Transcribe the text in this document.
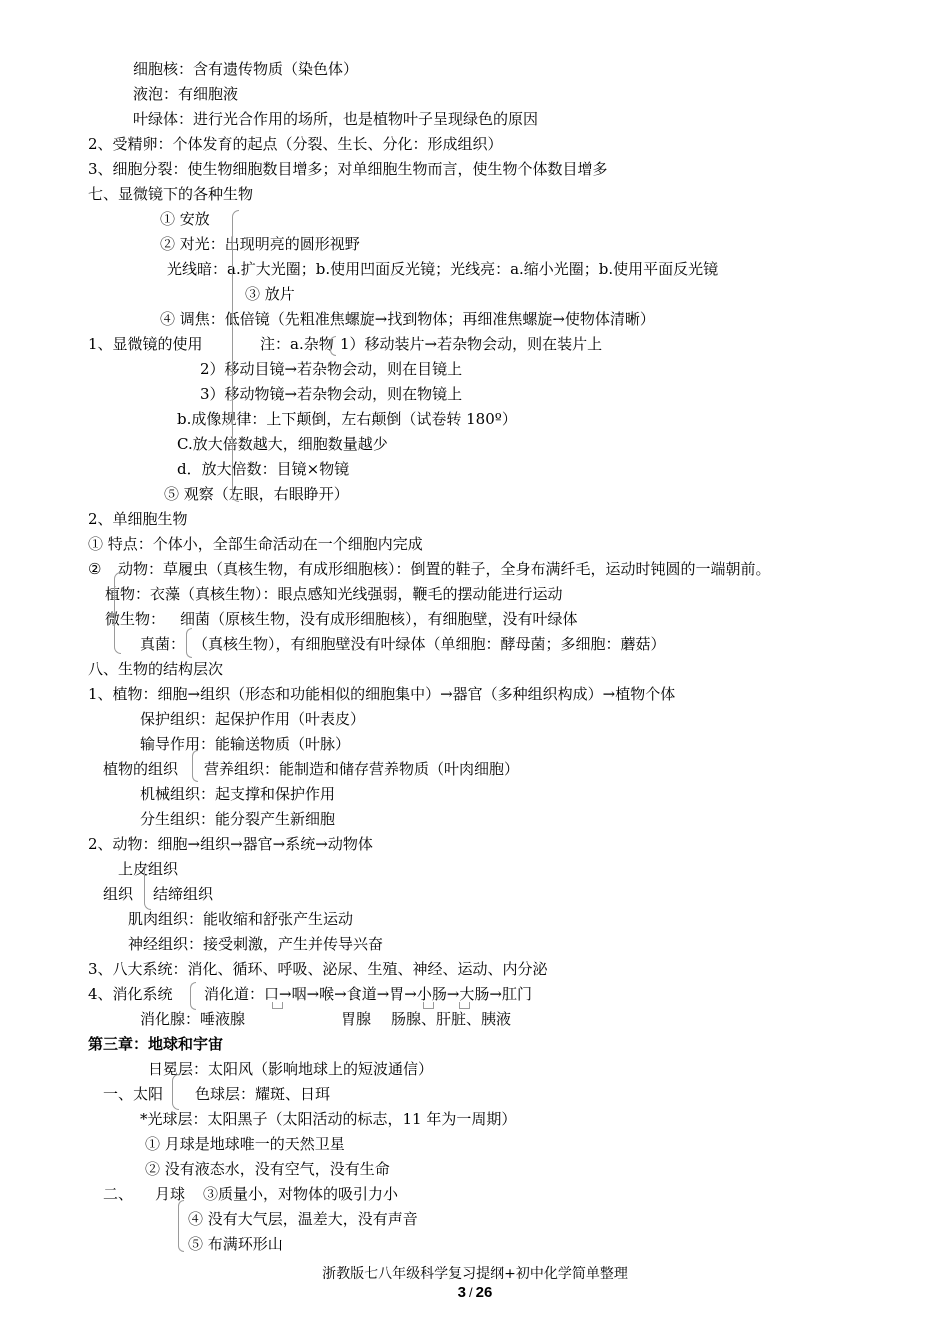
细胞核：含有遗传物质（染色体）
液泡：有细胞液
叶绿体：进行光合作用的场所，也是植物叶子呈现绿色的原因
2、受精卵：个体发育的起点（分裂、生长、分化：形成组织）
3、细胞分裂：使生物细胞数目增多；对单细胞生物而言，使生物个体数目增多
七、显微镜下的各种生物
① 安放
② 对光：出现明亮的圆形视野
光线暗：a.扩大光圈；b.使用凹面反光镜；光线亮：a.缩小光圈；b.使用平面反光镜
③ 放片
④ 调焦：低倍镜（先粗准焦螺旋→找到物体；再细准焦螺旋→使物体清晰）
1、显微镜的使用	注：a.杂物 1）移动装片→若杂物会动，则在装片上
2）移动目镜→若杂物会动，则在目镜上
3）移动物镜→若杂物会动，则在物镜上
b.成像规律：上下颠倒，左右颠倒（试卷转 180º）
C.放大倍数越大，细胞数量越少
d．放大倍数：目镜×物镜
⑤ 观察（左眼，右眼睁开）
2、单细胞生物
① 特点：个体小，全部生命活动在一个细胞内完成
② 动物：草履虫（真核生物，有成形细胞核）：倒置的鞋子，全身布满纤毛，运动时钝圆的一端朝前。
植物：衣藻（真核生物）：眼点感知光线强弱，鞭毛的摆动能进行运动
微生物： 细菌（原核生物，没有成形细胞核），有细胞壁，没有叶绿体
真菌： （真核生物），有细胞壁没有叶绿体（单细胞：酵母菌；多细胞：蘑菇）
八、生物的结构层次
1、植物：细胞→组织（形态和功能相似的细胞集中）→器官（多种组织构成）→植物个体
保护组织：起保护作用（叶表皮）
输导作用：能输送物质（叶脉）
植物的组织 营养组织：能制造和储存营养物质（叶肉细胞）
机械组织：起支撑和保护作用
分生组织：能分裂产生新细胞
2、动物：细胞→组织→器官→系统→动物体
上皮组织
组织 结缔组织
肌肉组织：能收缩和舒张产生运动
神经组织：接受刺激，产生并传导兴奋
3、八大系统：消化、循环、呼吸、泌尿、生殖、神经、运动、内分泌
4、消化系统 消化道：口→咽→喉→食道→胃→小肠→大肠→肛门
消化腺：唾液腺	胃腺 肠腺、肝脏、胰液
第三章：地球和宇宙
日冕层：太阳风（影响地球上的短波通信）
一、太阳 色球层：耀斑、日珥
*光球层：太阳黑子（太阳活动的标志，11 年为一周期）
① 月球是地球唯一的天然卫星
② 没有液态水，没有空气，没有生命
二、 月球 ③质量小，对物体的吸引力小
④ 没有大气层，温差大，没有声音
⑤ 布满环形山
浙教版七八年级科学复习提纲+初中化学简单整理
3 / 26
